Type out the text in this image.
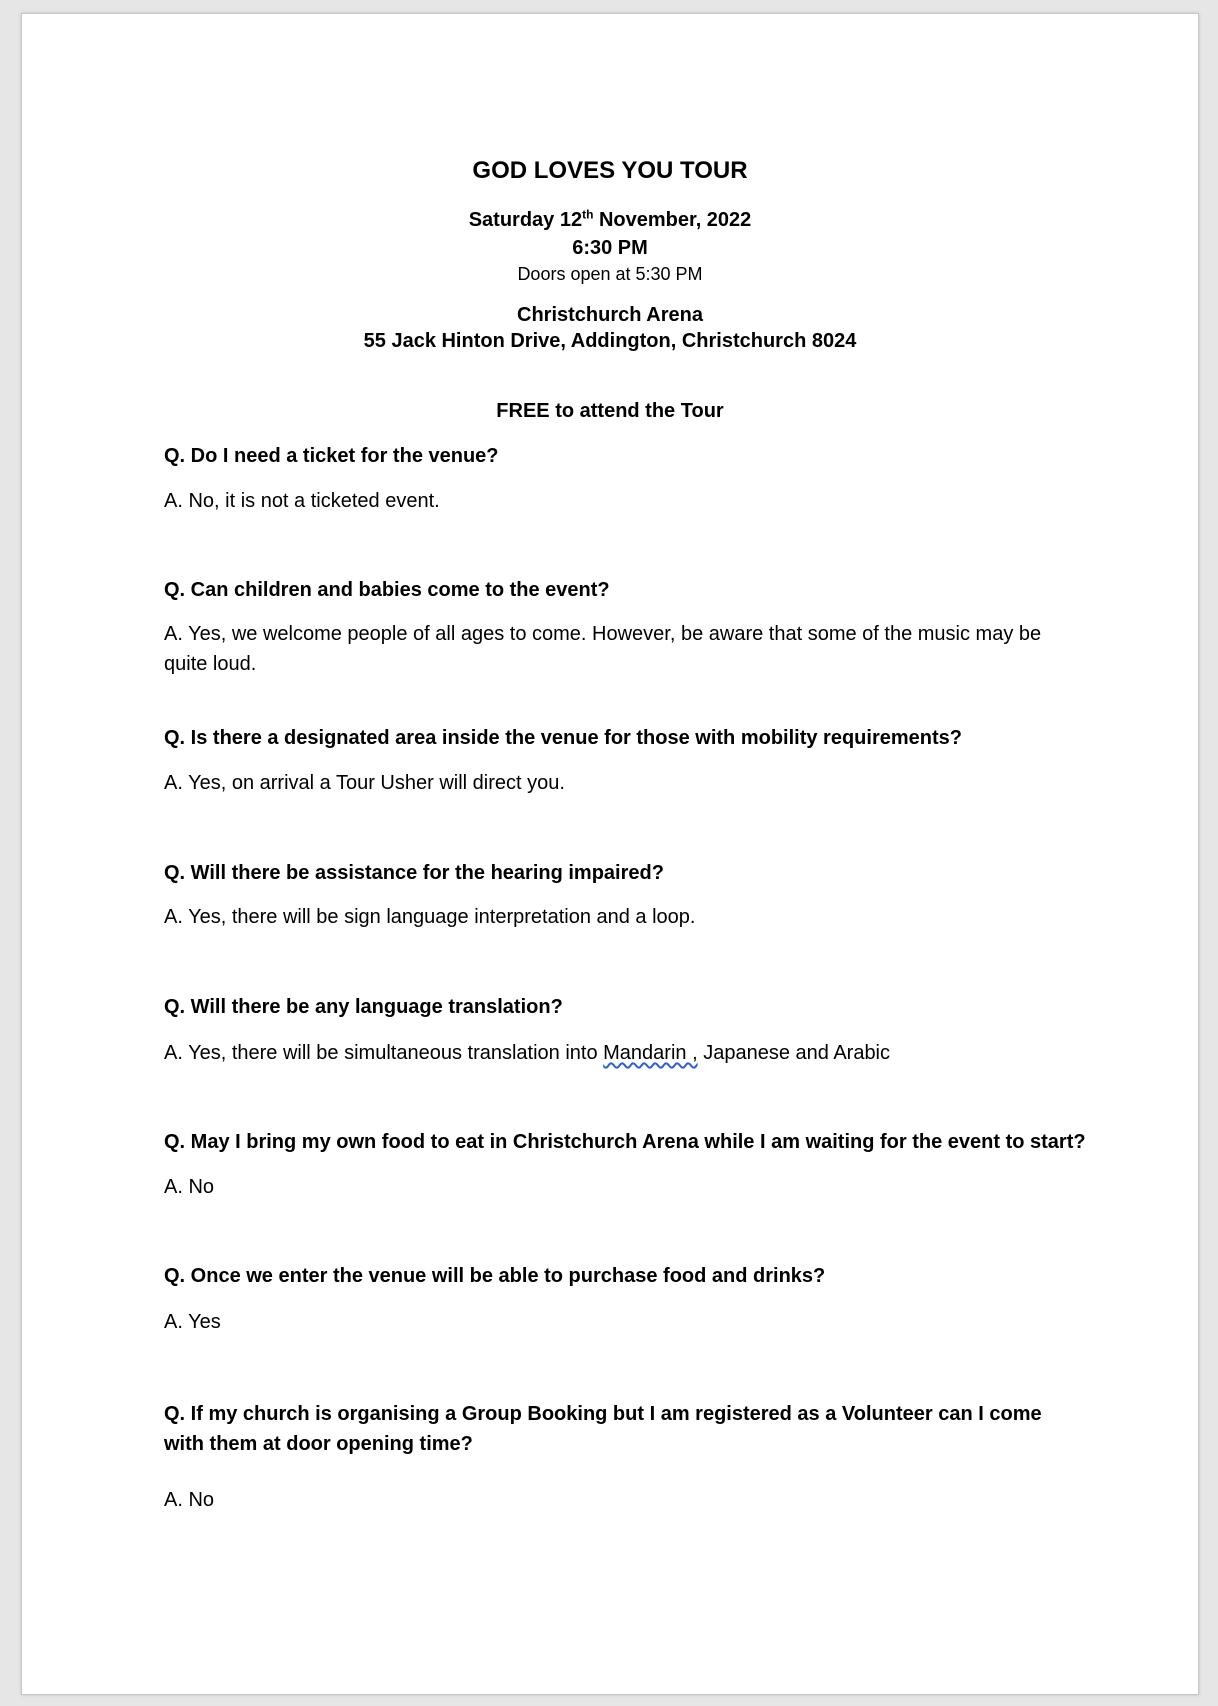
GOD LOVES YOU TOUR
Saturday 12th November, 2022
6:30 PM
Doors open at 5:30 PM
Christchurch Arena
55 Jack Hinton Drive, Addington, Christchurch 8024
FREE to attend the Tour
Q. Do I need a ticket for the venue?
A. No, it is not a ticketed event.
Q. Can children and babies come to the event?
A. Yes, we welcome people of all ages to come. However, be aware that some of the music may be quite loud.
Q. Is there a designated area inside the venue for those with mobility requirements?
A. Yes, on arrival a Tour Usher will direct you.
Q. Will there be assistance for the hearing impaired?
A. Yes, there will be sign language interpretation and a loop.
Q. Will there be any language translation?
A. Yes, there will be simultaneous translation into Mandarin , Japanese and Arabic
Q. May I bring my own food to eat in Christchurch Arena while I am waiting for the event to start?
A. No
Q. Once we enter the venue will be able to purchase food and drinks?
A. Yes
Q. If my church is organising a Group Booking but I am registered as a Volunteer can I come with them at door opening time?
A. No
